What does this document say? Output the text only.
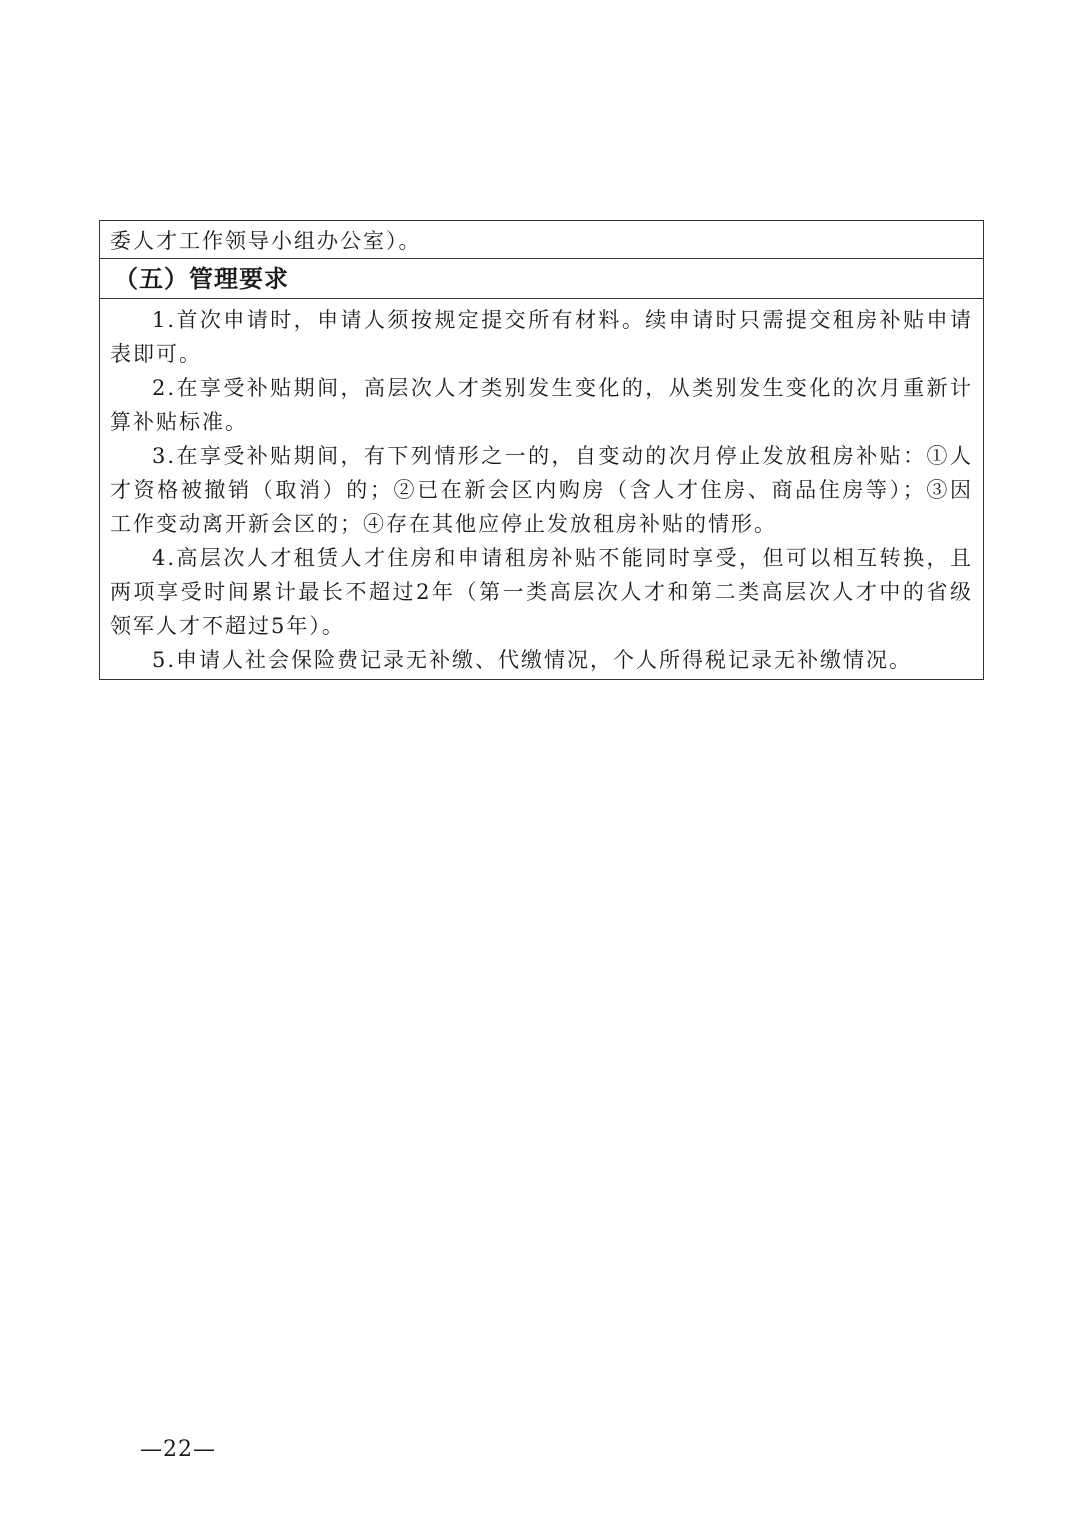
委人才工作领导小组办公室）。
（五）管理要求

1.首次申请时，申请人须按规定提交所有材料。续申请时只需提交租房补贴申请表即可。

2.在享受补贴期间，高层次人才类别发生变化的，从类别发生变化的次月重新计算补贴标准。

3.在享受补贴期间，有下列情形之一的，自变动的次月停止发放租房补贴：①人才资格被撤销（取消）的；②已在新会区内购房（含人才住房、商品住房等）；③因工作变动离开新会区的；④存在其他应停止发放租房补贴的情形。

4.高层次人才租赁人才住房和申请租房补贴不能同时享受，但可以相互转换，且两项享受时间累计最长不超过2年（第一类高层次人才和第二类高层次人才中的省级领军人才不超过5年）。

5.申请人社会保险费记录无补缴、代缴情况，个人所得税记录无补缴情况。

—22—
